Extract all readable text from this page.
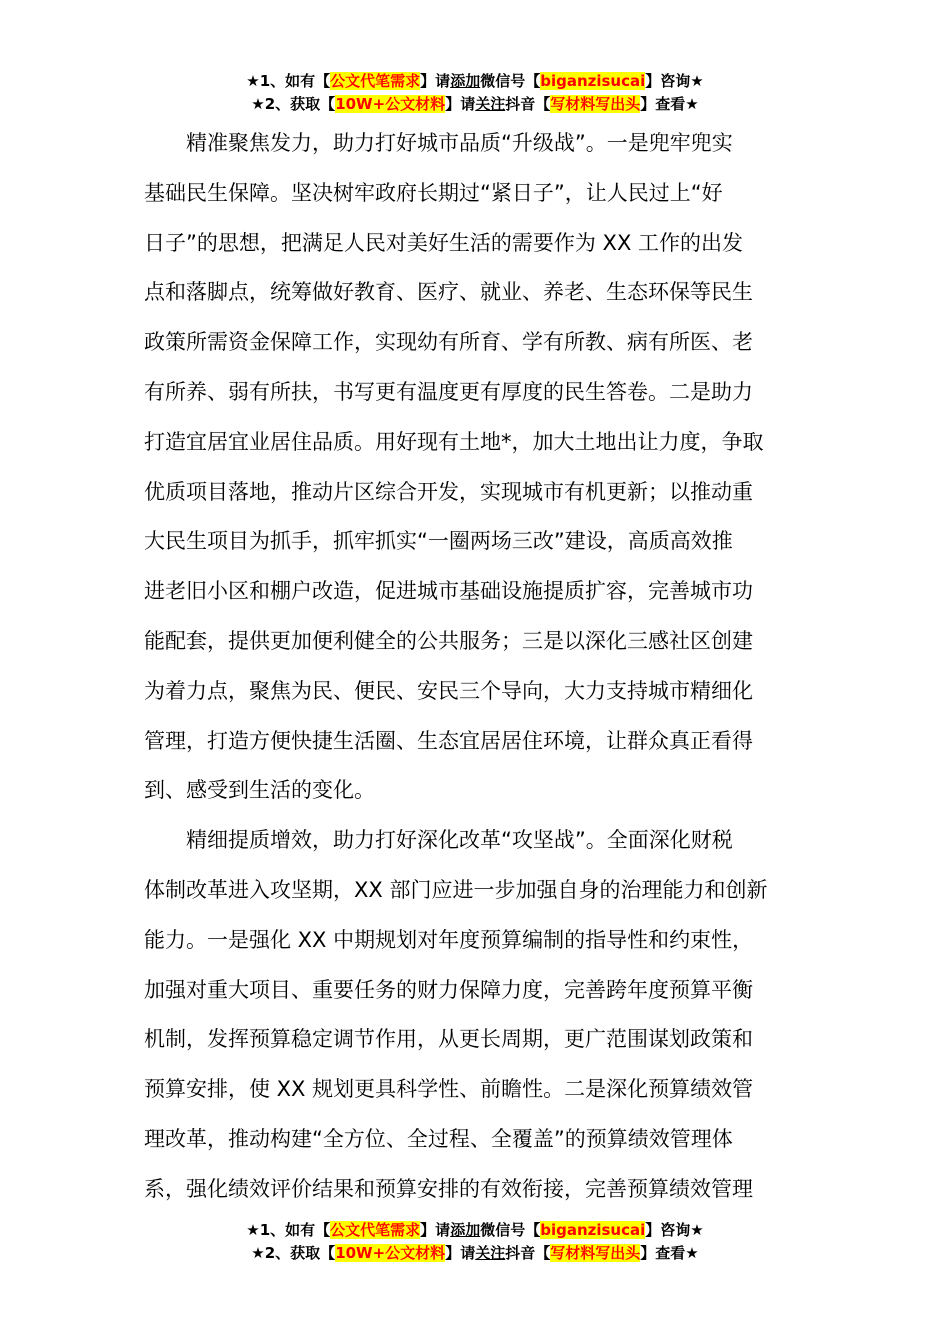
★1、如有【公文代笔需求】请添加微信号【biganzisucai】咨询★
★2、获取【10W+公文材料】请关注抖音【写材料写出头】查看★

　　精准聚焦发力，助力打好城市品质“升级战”。一是兜牢兜实
基础民生保障。坚决树牢政府长期过“紧日子”，让人民过上“好
日子”的思想，把满足人民对美好生活的需要作为 XX 工作的出发
点和落脚点，统筹做好教育、医疗、就业、养老、生态环保等民生
政策所需资金保障工作，实现幼有所育、学有所教、病有所医、老
有所养、弱有所扶，书写更有温度更有厚度的民生答卷。二是助力
打造宜居宜业居住品质。用好现有土地*，加大土地出让力度，争取
优质项目落地，推动片区综合开发，实现城市有机更新；以推动重
大民生项目为抓手，抓牢抓实“一圈两场三改”建设，高质高效推
进老旧小区和棚户改造，促进城市基础设施提质扩容，完善城市功
能配套，提供更加便利健全的公共服务；三是以深化三感社区创建
为着力点，聚焦为民、便民、安民三个导向，大力支持城市精细化
管理，打造方便快捷生活圈、生态宜居居住环境，让群众真正看得
到、感受到生活的变化。

　　精细提质增效，助力打好深化改革“攻坚战”。全面深化财税
体制改革进入攻坚期，XX 部门应进一步加强自身的治理能力和创新
能力。一是强化 XX 中期规划对年度预算编制的指导性和约束性，
加强对重大项目、重要任务的财力保障力度，完善跨年度预算平衡
机制，发挥预算稳定调节作用，从更长周期，更广范围谋划政策和
预算安排，使 XX 规划更具科学性、前瞻性。二是深化预算绩效管
理改革，推动构建“全方位、全过程、全覆盖”的预算绩效管理体
系，强化绩效评价结果和预算安排的有效衔接，完善预算绩效管理

★1、如有【公文代笔需求】请添加微信号【biganzisucai】咨询★
★2、获取【10W+公文材料】请关注抖音【写材料写出头】查看★
